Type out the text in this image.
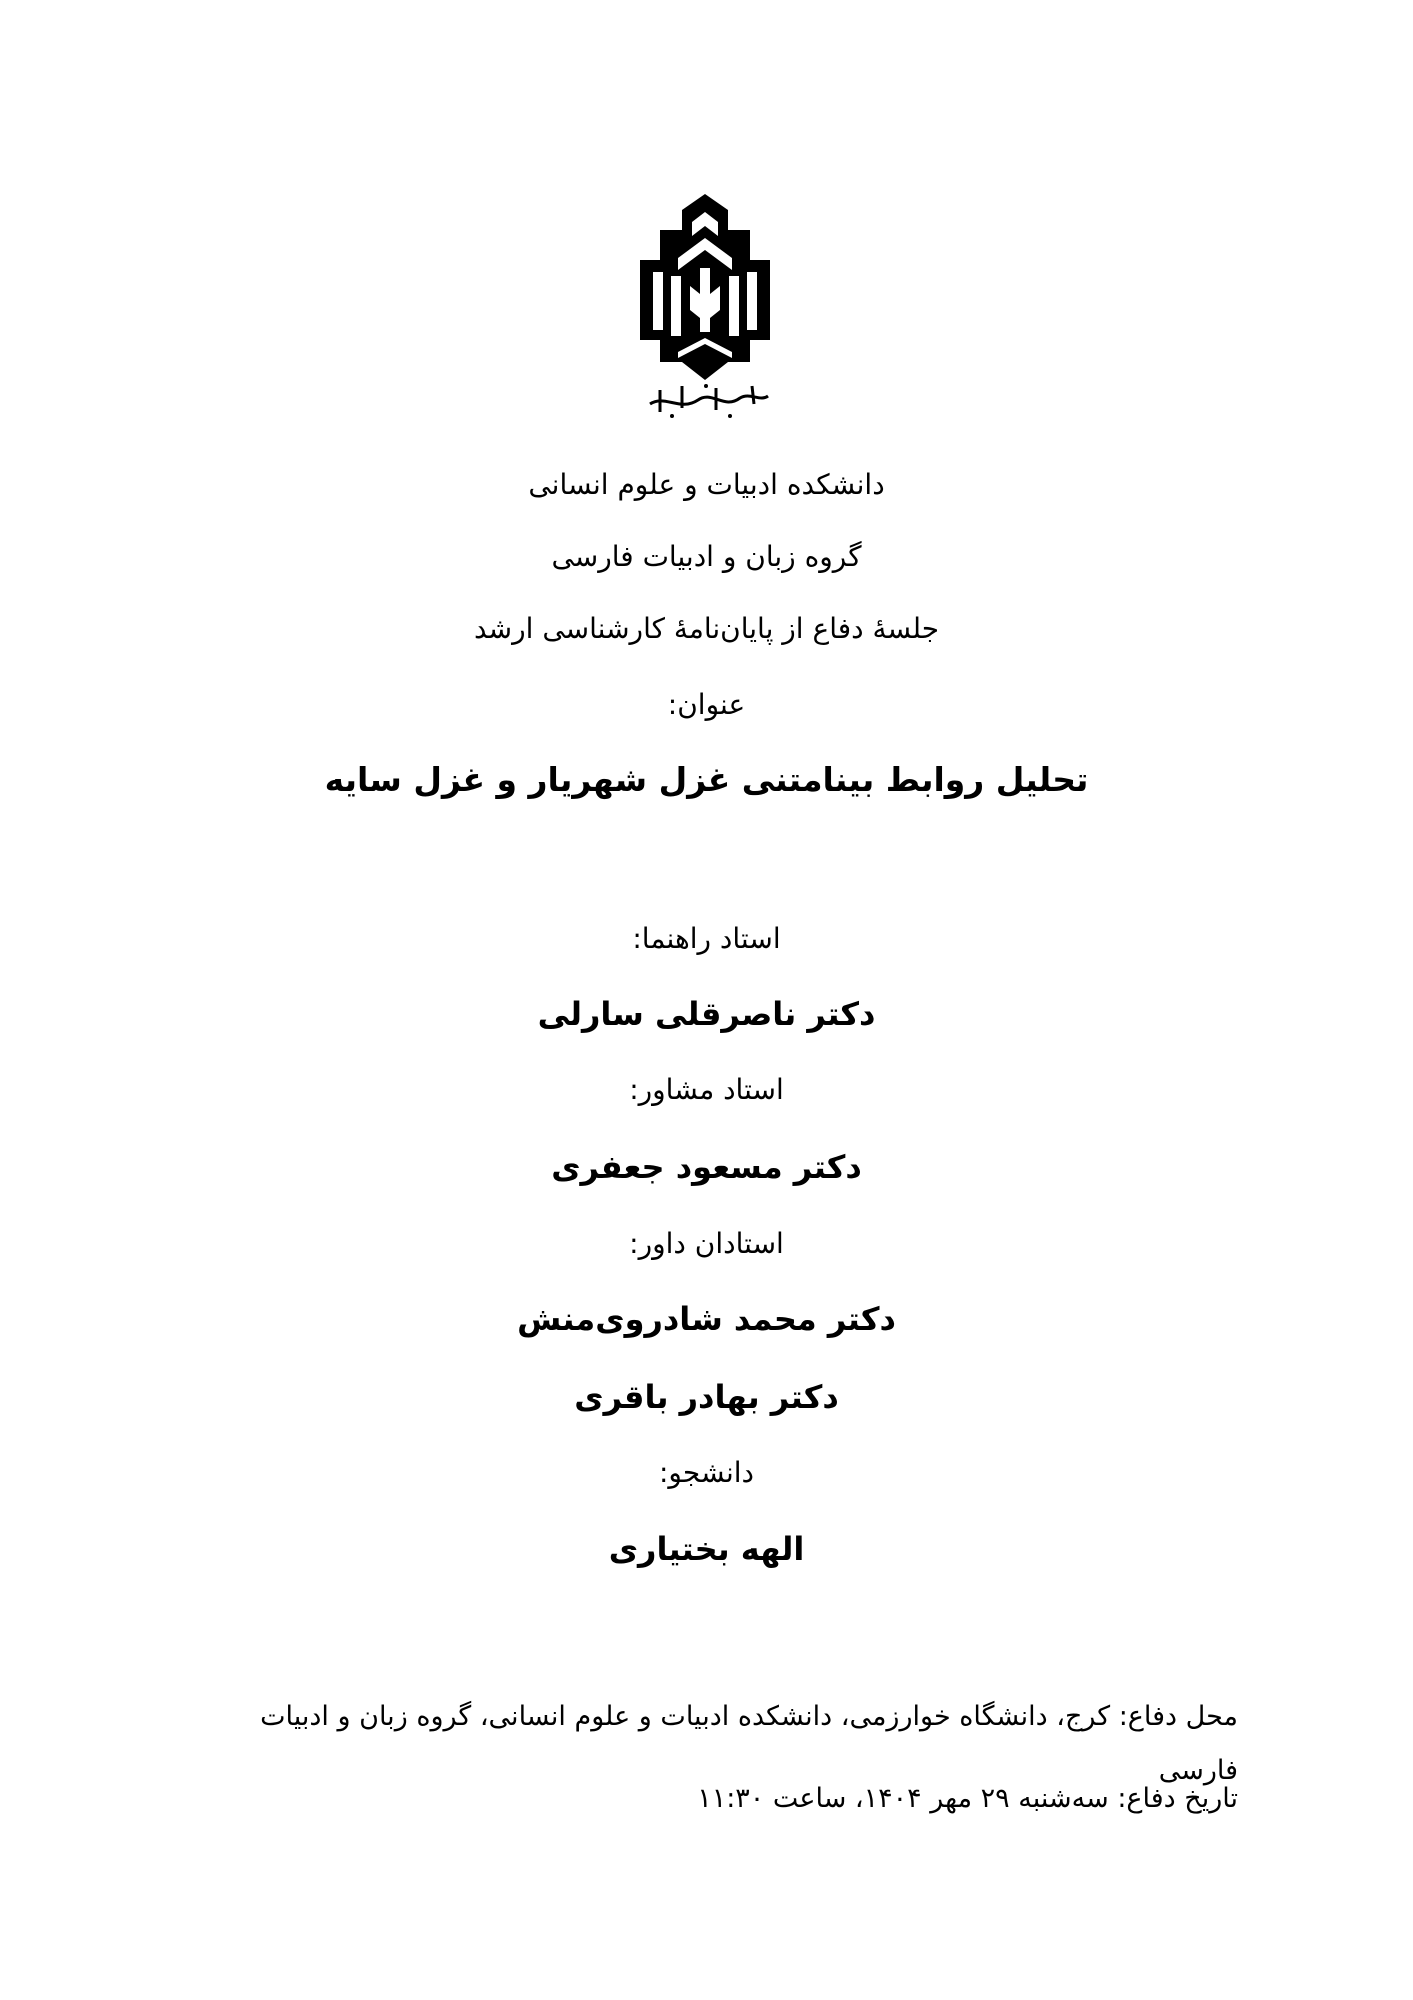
دانشکده ادبیات و علوم انسانی
گروه زبان و ادبیات فارسی
جلسۀ دفاع از پایان‌نامۀ کارشناسی ارشد
عنوان:
تحلیل روابط بینامتنی غزل شهریار و غزل سایه
استاد راهنما:
دکتر ناصرقلی سارلی
استاد مشاور:
دکتر مسعود جعفری
استادان داور:
دکتر محمد شادروی‌منش
دکتر بهادر باقری
دانشجو:
الهه بختیاری
محل دفاع: کرج، دانشگاه خوارزمی، دانشکده ادبیات و علوم انسانی، گروه زبان و ادبیات فارسی
تاریخ دفاع: سه‌شنبه ۲۹ مهر ۱۴۰۴، ساعت ۱۱:۳۰
